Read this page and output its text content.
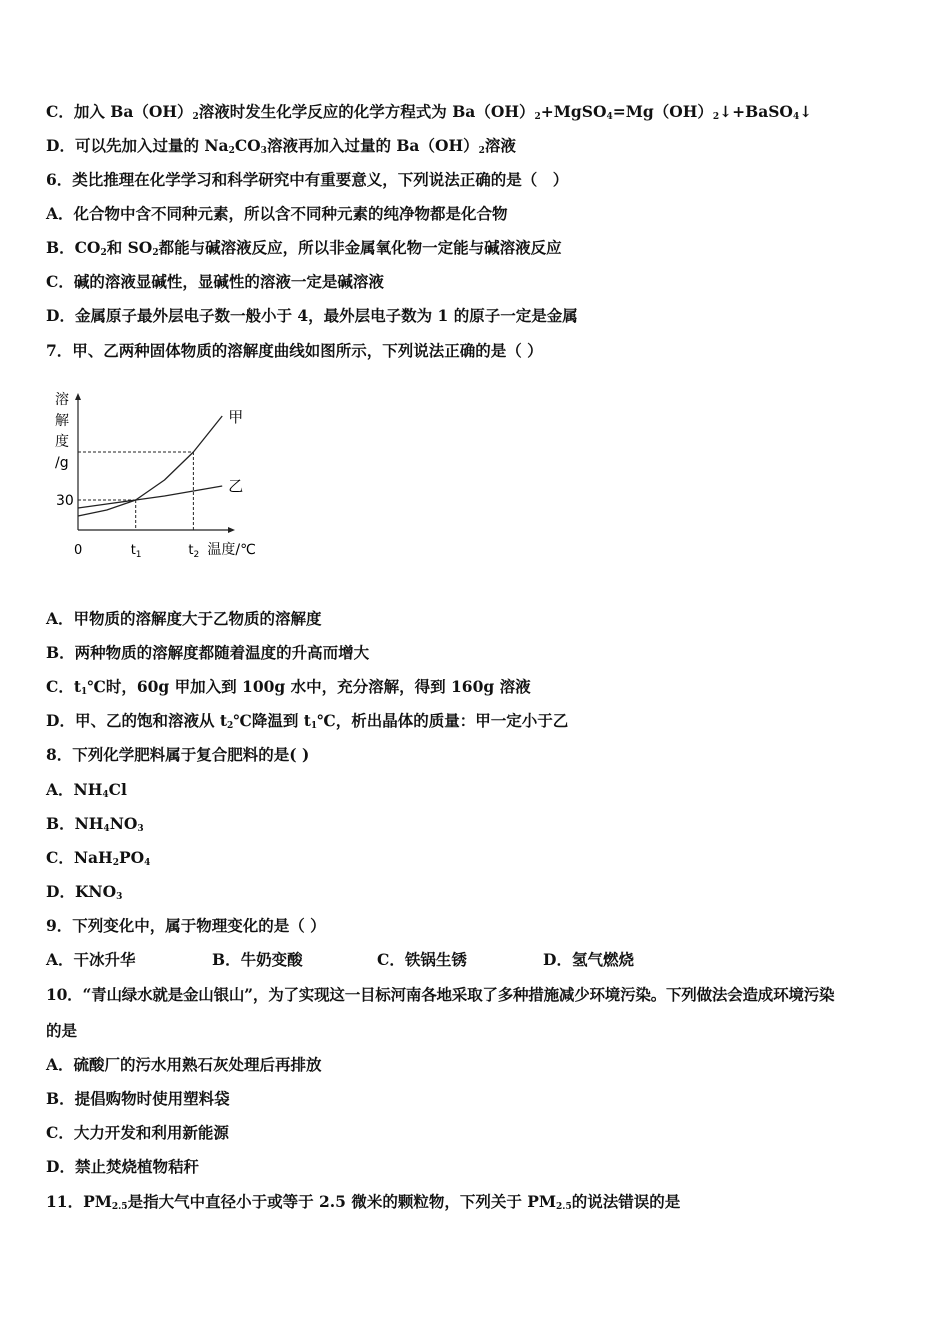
C．加入 $Ba(OH)_2$溶液时发生化学反应的化学方程式为 $Ba(OH)_2+MgSO_4=Mg(OH)_2↓+BaSO_4↓$
D．可以先加入过量的 $Na_2CO_3$溶液再加入过量的 $Ba(OH)_2$溶液
6．类比推理在化学学习和科学研究中有重要意义，下列说法正确的是（　）
A．化合物中含不同种元素，所以含不同种元素的纯净物都是化合物
B．$CO_2$和 $SO_2$都能与碱溶液反应，所以非金属氧化物一定能与碱溶液反应
C．碱的溶液显碱性，显碱性的溶液一定是碱溶液
D．金属原子最外层电子数一般小于 4，最外层电子数为 1 的原子一定是金属
7．甲、乙两种固体物质的溶解度曲线如图所示，下列说法正确的是（ ）
甲
乙
溶
解
度
/g
30
0	$t_1$	$t_2$ 温度/℃
A．甲物质的溶解度大于乙物质的溶解度
B．两种物质的溶解度都随着温度的升高而增大
C．$t_1℃$时，60g 甲加入到 100g 水中，充分溶解，得到 160g 溶液
D．甲、乙的饱和溶液从 $t_2℃$降温到 $t_1℃$，析出晶体的质量：甲一定小于乙
8．下列化学肥料属于复合肥料的是( )
A．$NH_4Cl$
B．$NH_4NO_3$
C．$NaH_2PO_4$
D．$KNO_3$
9．下列变化中，属于物理变化的是（ ）
A．干冰升华	B．牛奶变酸	C．铁锅生锈	D．氢气燃烧
10．“青山绿水就是金山银山”，为了实现这一目标河南各地采取了多种措施减少环境污染。下列做法会造成环境污染
的是
A．硫酸厂的污水用熟石灰处理后再排放
B．提倡购物时使用塑料袋
C．大力开发和利用新能源
D．禁止焚烧植物秸秆
11．$PM_{2.5}$是指大气中直径小于或等于 2.5 微米的颗粒物，下列关于 $PM_{2.5}$的说法错误的是
